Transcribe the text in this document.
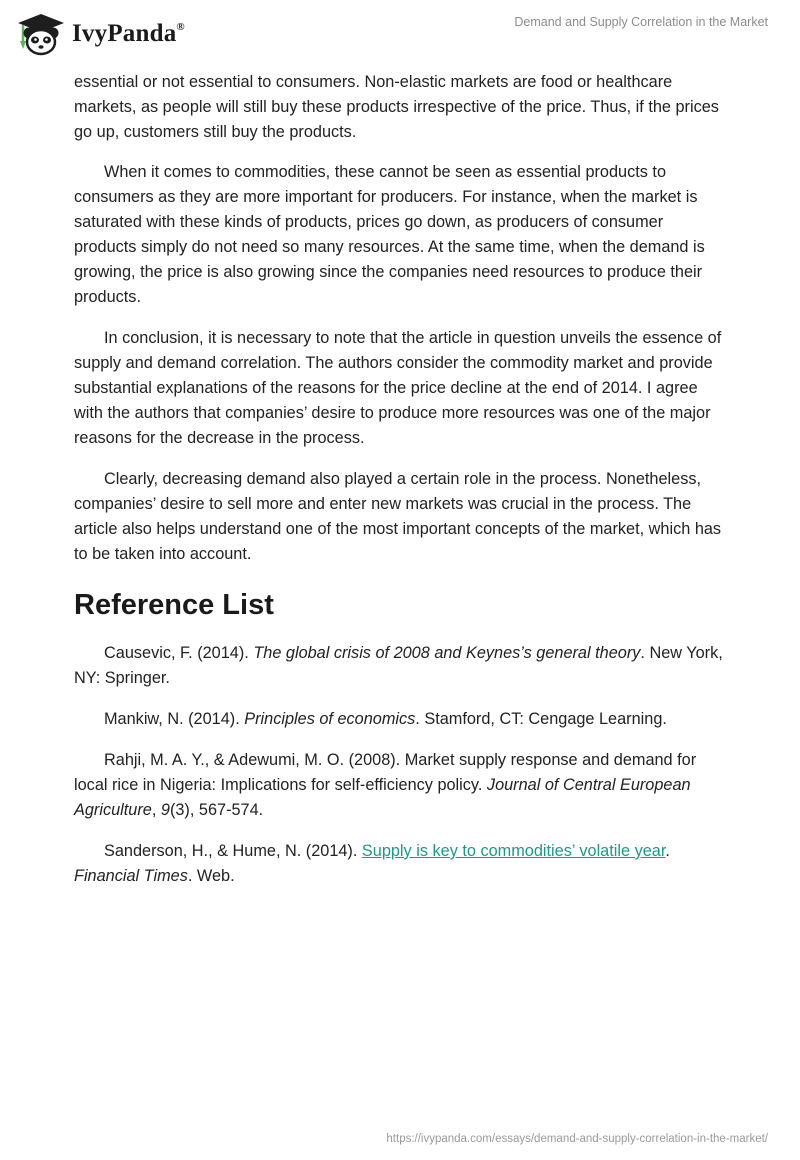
IvyPanda®	Demand and Supply Correlation in the Market

essential or not essential to consumers. Non-elastic markets are food or healthcare markets, as people will still buy these products irrespective of the price. Thus, if the prices go up, customers still buy the products.

When it comes to commodities, these cannot be seen as essential products to consumers as they are more important for producers. For instance, when the market is saturated with these kinds of products, prices go down, as producers of consumer products simply do not need so many resources. At the same time, when the demand is growing, the price is also growing since the companies need resources to produce their products.

In conclusion, it is necessary to note that the article in question unveils the essence of supply and demand correlation. The authors consider the commodity market and provide substantial explanations of the reasons for the price decline at the end of 2014. I agree with the authors that companies’ desire to produce more resources was one of the major reasons for the decrease in the process.

Clearly, decreasing demand also played a certain role in the process. Nonetheless, companies’ desire to sell more and enter new markets was crucial in the process. The article also helps understand one of the most important concepts of the market, which has to be taken into account.

Reference List

Causevic, F. (2014). The global crisis of 2008 and Keynes’s general theory. New York, NY: Springer.

Mankiw, N. (2014). Principles of economics. Stamford, CT: Cengage Learning.

Rahji, M. A. Y., & Adewumi, M. O. (2008). Market supply response and demand for local rice in Nigeria: Implications for self-efficiency policy. Journal of Central European Agriculture, 9(3), 567-574.

Sanderson, H., & Hume, N. (2014). Supply is key to commodities’ volatile year. Financial Times. Web.

https://ivypanda.com/essays/demand-and-supply-correlation-in-the-market/
